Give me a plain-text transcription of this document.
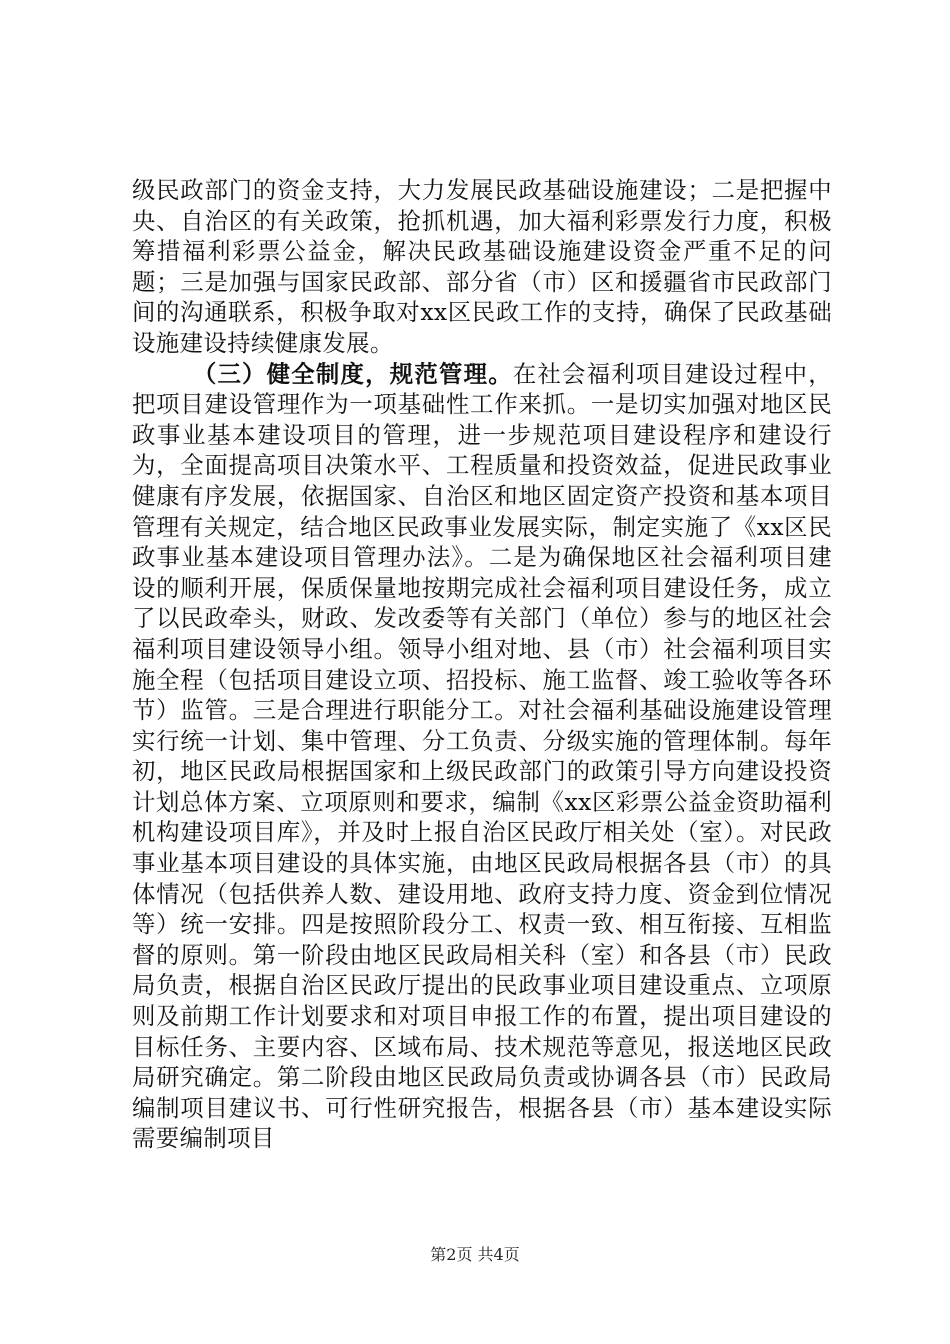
级民政部门的资金支持，大力发展民政基础设施建设；二是把握中央、自治区的有关政策，抢抓机遇，加大福利彩票发行力度，积极筹措福利彩票公益金，解决民政基础设施建设资金严重不足的问题；三是加强与国家民政部、部分省（市）区和援疆省市民政部门间的沟通联系，积极争取对xx区民政工作的支持，确保了民政基础设施建设持续健康发展。

（三）健全制度，规范管理。在社会福利项目建设过程中，把项目建设管理作为一项基础性工作来抓。一是切实加强对地区民政事业基本建设项目的管理，进一步规范项目建设程序和建设行为，全面提高项目决策水平、工程质量和投资效益，促进民政事业健康有序发展，依据国家、自治区和地区固定资产投资和基本项目管理有关规定，结合地区民政事业发展实际，制定实施了《xx区民政事业基本建设项目管理办法》。二是为确保地区社会福利项目建设的顺利开展，保质保量地按期完成社会福利项目建设任务，成立了以民政牵头，财政、发改委等有关部门（单位）参与的地区社会福利项目建设领导小组。领导小组对地、县（市）社会福利项目实施全程（包括项目建设立项、招投标、施工监督、竣工验收等各环节）监管。三是合理进行职能分工。对社会福利基础设施建设管理实行统一计划、集中管理、分工负责、分级实施的管理体制。每年初，地区民政局根据国家和上级民政部门的政策引导方向建设投资计划总体方案、立项原则和要求，编制《xx区彩票公益金资助福利机构建设项目库》，并及时上报自治区民政厅相关处（室）。对民政事业基本项目建设的具体实施，由地区民政局根据各县（市）的具体情况（包括供养人数、建设用地、政府支持力度、资金到位情况等）统一安排。四是按照阶段分工、权责一致、相互衔接、互相监督的原则。第一阶段由地区民政局相关科（室）和各县（市）民政局负责，根据自治区民政厅提出的民政事业项目建设重点、立项原则及前期工作计划要求和对项目申报工作的布置，提出项目建设的目标任务、主要内容、区域布局、技术规范等意见，报送地区民政局研究确定。第二阶段由地区民政局负责或协调各县（市）民政局编制项目建议书、可行性研究报告，根据各县（市）基本建设实际需要编制项目

第2页 共4页
